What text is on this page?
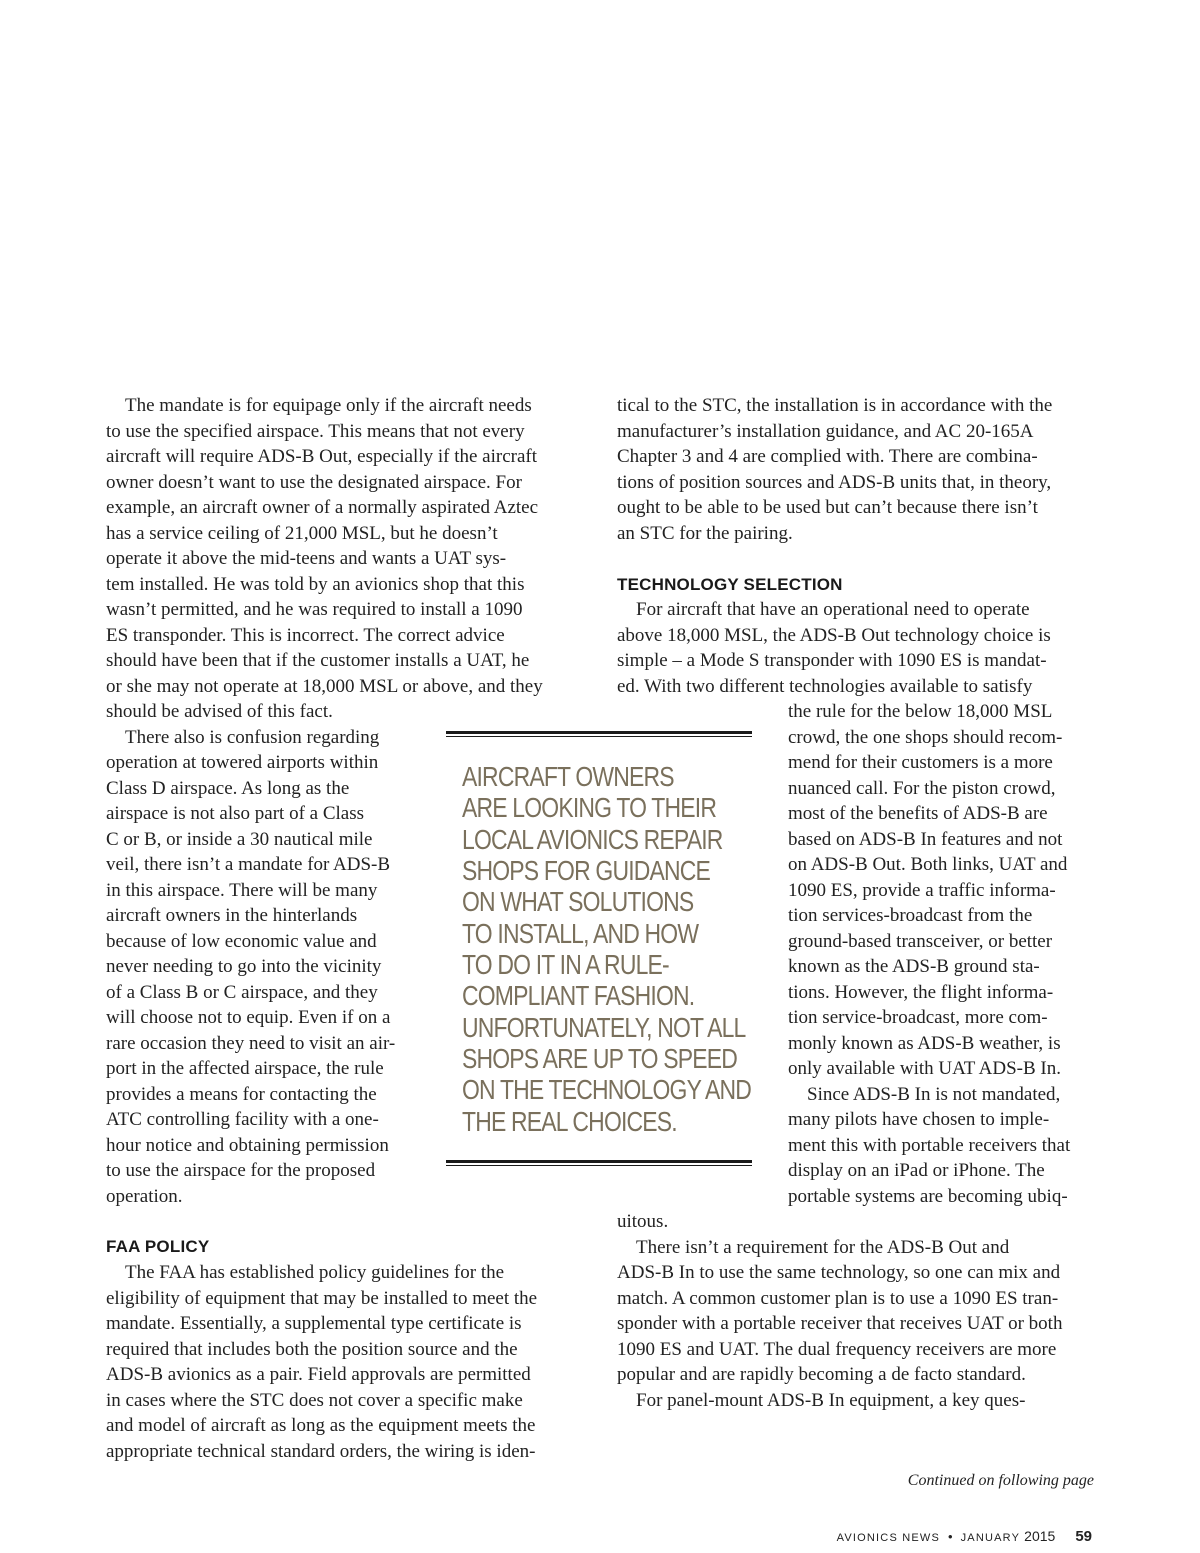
The mandate is for equipage only if the aircraft needs
to use the specified airspace. This means that not every
aircraft will require ADS-B Out, especially if the aircraft
owner doesn’t want to use the designated airspace. For
example, an aircraft owner of a normally aspirated Aztec
has a service ceiling of 21,000 MSL, but he doesn’t
operate it above the mid-teens and wants a UAT sys-
tem installed. He was told by an avionics shop that this
wasn’t permitted, and he was required to install a 1090
ES transponder. This is incorrect. The correct advice
should have been that if the customer installs a UAT, he
or she may not operate at 18,000 MSL or above, and they
should be advised of this fact.
There also is confusion regarding
operation at towered airports within
Class D airspace. As long as the
airspace is not also part of a Class
C or B, or inside a 30 nautical mile
veil, there isn’t a mandate for ADS-B
in this airspace. There will be many
aircraft owners in the hinterlands
because of low economic value and
never needing to go into the vicinity
of a Class B or C airspace, and they
will choose not to equip. Even if on a
rare occasion they need to visit an air-
port in the affected airspace, the rule
provides a means for contacting the
ATC controlling facility with a one-
hour notice and obtaining permission
to use the airspace for the proposed
operation.
FAA POLICY
The FAA has established policy guidelines for the
eligibility of equipment that may be installed to meet the
mandate. Essentially, a supplemental type certificate is
required that includes both the position source and the
ADS-B avionics as a pair. Field approvals are permitted
in cases where the STC does not cover a specific make
and model of aircraft as long as the equipment meets the
appropriate technical standard orders, the wiring is iden-
tical to the STC, the installation is in accordance with the
manufacturer’s installation guidance, and AC 20-165A
Chapter 3 and 4 are complied with. There are combina-
tions of position sources and ADS-B units that, in theory,
ought to be able to be used but can’t because there isn’t
an STC for the pairing.
TECHNOLOGY SELECTION
For aircraft that have an operational need to operate
above 18,000 MSL, the ADS-B Out technology choice is
simple – a Mode S transponder with 1090 ES is mandat-
ed. With two different technologies available to satisfy
the rule for the below 18,000 MSL
crowd, the one shops should recom-
mend for their customers is a more
nuanced call. For the piston crowd,
most of the benefits of ADS-B are
based on ADS-B In features and not
on ADS-B Out. Both links, UAT and
1090 ES, provide a traffic informa-
tion services-broadcast from the
ground-based transceiver, or better
known as the ADS-B ground sta-
tions. However, the flight informa-
tion service-broadcast, more com-
monly known as ADS-B weather, is
only available with UAT ADS-B In.
Since ADS-B In is not mandated,
many pilots have chosen to imple-
ment this with portable receivers that
display on an iPad or iPhone. The
portable systems are becoming ubiq-
uitous.
There isn’t a requirement for the ADS-B Out and
ADS-B In to use the same technology, so one can mix and
match. A common customer plan is to use a 1090 ES tran-
sponder with a portable receiver that receives UAT or both
1090 ES and UAT. The dual frequency receivers are more
popular and are rapidly becoming a de facto standard.
For panel-mount ADS-B In equipment, a key ques-
AIRCRAFT OWNERS
ARE LOOKING TO THEIR
LOCAL AVIONICS REPAIR
SHOPS FOR GUIDANCE
ON WHAT SOLUTIONS
TO INSTALL, AND HOW
TO DO IT IN A RULE-
COMPLIANT FASHION.
UNFORTUNATELY, NOT ALL
SHOPS ARE UP TO SPEED
ON THE TECHNOLOGY AND
THE REAL CHOICES.
Continued on following page
AVIONICS NEWS • JANUARY 2015 59
